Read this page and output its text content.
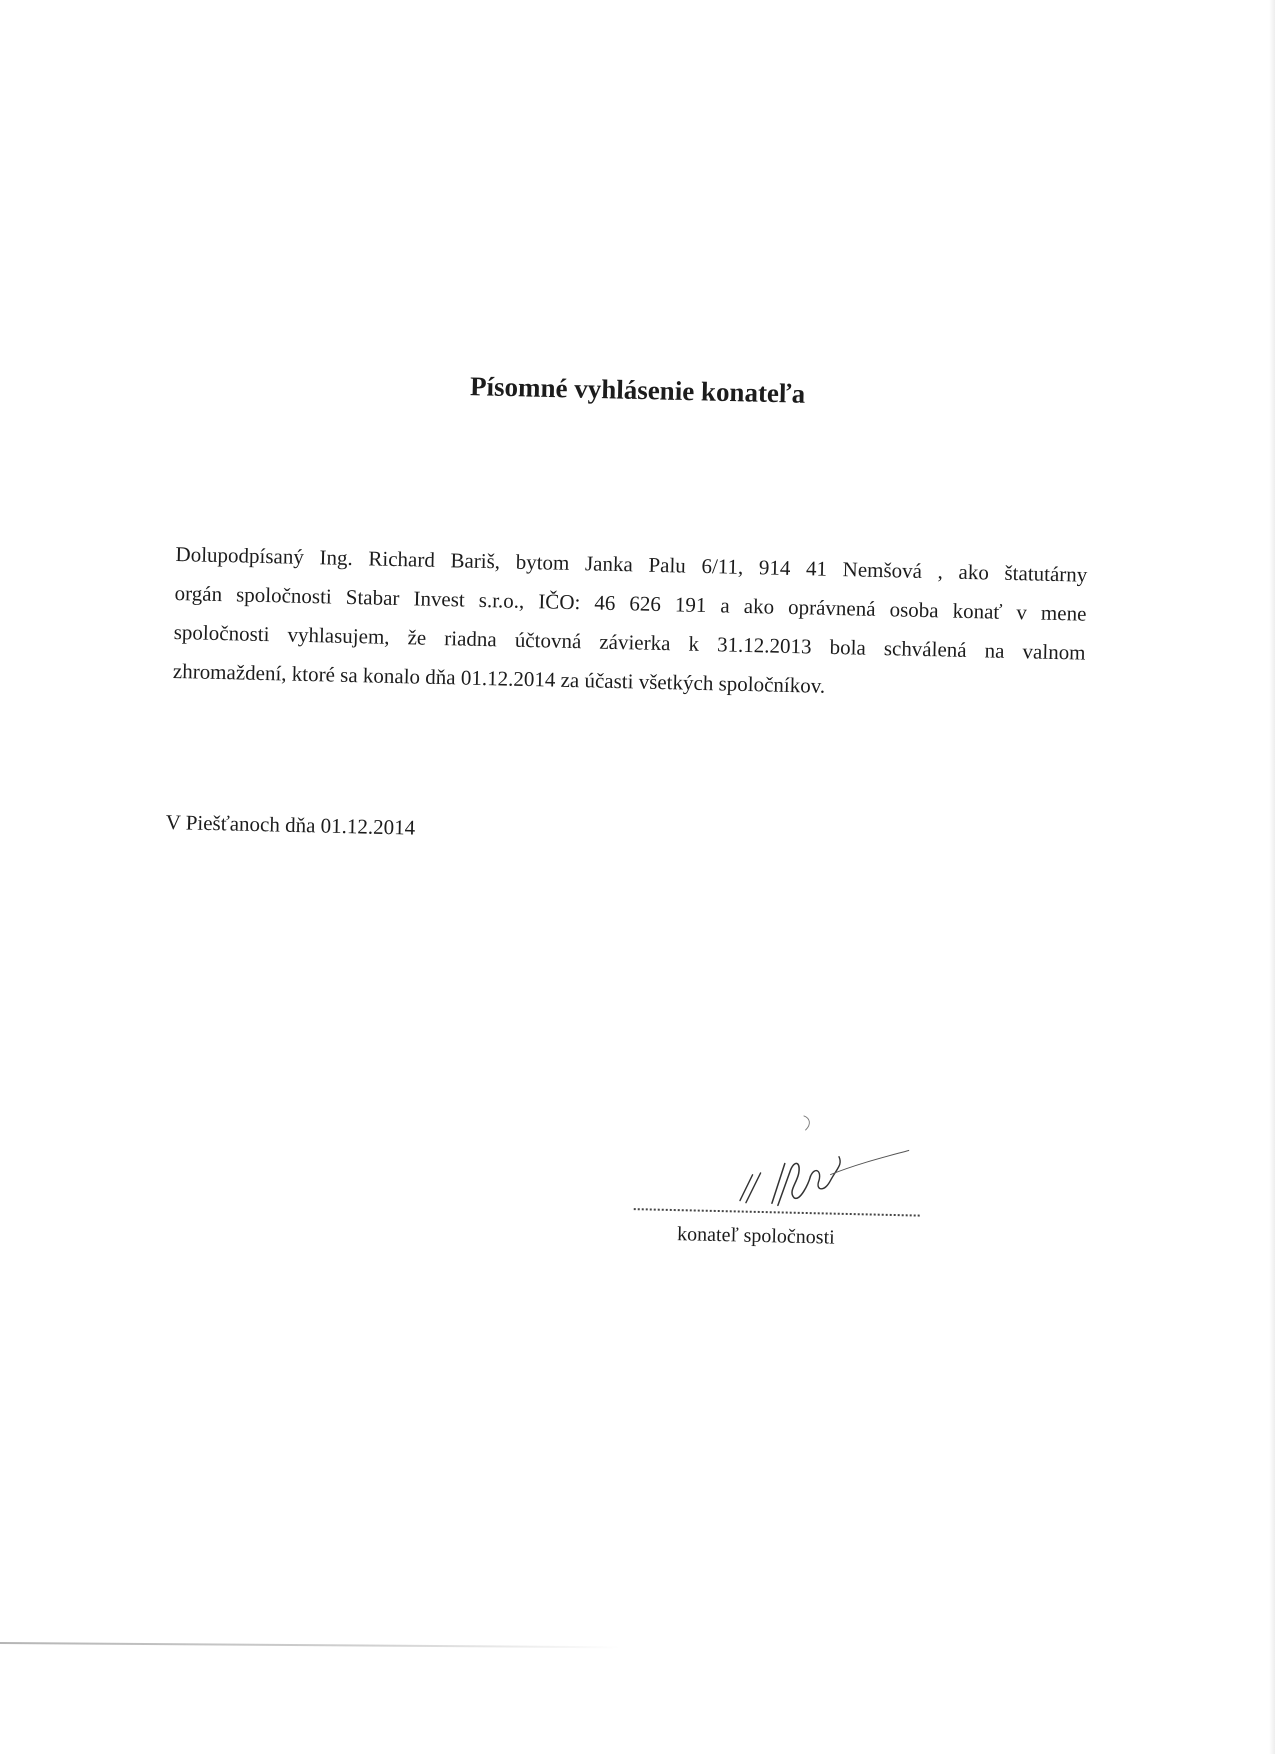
Písomné vyhlásenie konateľa
Dolupodpísaný Ing. Richard Bariš, bytom Janka Palu 6/11, 914 41 Nemšová , ako štatutárny
orgán spoločnosti Stabar Invest s.r.o., IČO: 46 626 191 a ako oprávnená osoba konať v mene
spoločnosti vyhlasujem, že riadna účtovná závierka k 31.12.2013 bola schválená na valnom
zhromaždení, ktoré sa konalo dňa 01.12.2014 za účasti všetkých spoločníkov.

V Piešťanoch dňa 01.12.2014

konateľ spoločnosti
